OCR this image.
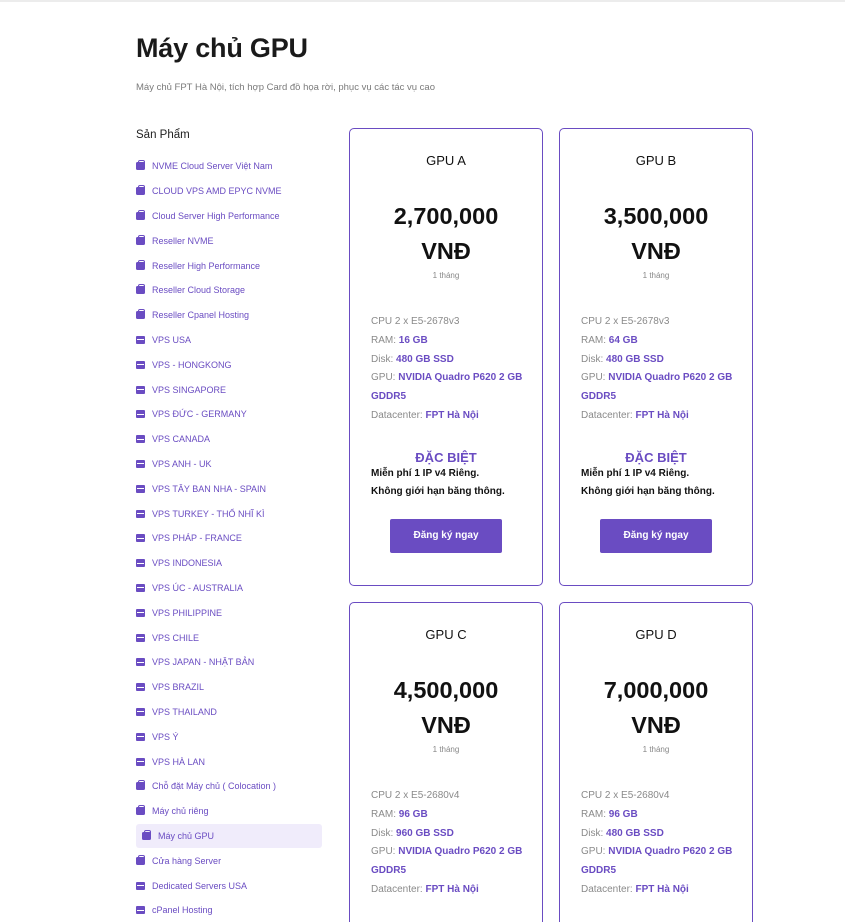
Máy chủ GPU

Máy chủ FPT Hà Nội, tích hợp Card đồ họa rời, phục vụ các tác vụ cao

Sản Phẩm
NVME Cloud Server Việt Nam
CLOUD VPS AMD EPYC NVME
Cloud Server High Performance
Reseller NVME
Reseller High Performance
Reseller Cloud Storage
Reseller Cpanel Hosting
VPS USA
VPS - HONGKONG
VPS SINGAPORE
VPS ĐỨC - GERMANY
VPS CANADA
VPS ANH - UK
VPS TÂY BAN NHA - SPAIN
VPS TURKEY - THỔ NHĨ KÌ
VPS PHÁP - FRANCE
VPS INDONESIA
VPS ÚC - AUSTRALIA
VPS PHILIPPINE
VPS CHILE
VPS JAPAN - NHẬT BẢN
VPS BRAZIL
VPS THAILAND
VPS Ý
VPS HÀ LAN
Chỗ đặt Máy chủ ( Colocation )
Máy chủ riêng
Máy chủ GPU
Cửa hàng Server
Dedicated Servers USA
cPanel Hosting
GPU A
2,700,000
VNĐ
1 tháng
CPU 2 x E5-2678v3
RAM: 16 GB
Disk: 480 GB SSD
GPU: NVIDIA Quadro P620 2 GB GDDR5
Datacenter: FPT Hà Nội
ĐẶC BIỆT
Miễn phí 1 IP v4 Riêng.
Không giới hạn băng thông.
Đăng ký ngay
GPU B
3,500,000
VNĐ
1 tháng
CPU 2 x E5-2678v3
RAM: 64 GB
Disk: 480 GB SSD
GPU: NVIDIA Quadro P620 2 GB GDDR5
Datacenter: FPT Hà Nội
ĐẶC BIỆT
Miễn phí 1 IP v4 Riêng.
Không giới hạn băng thông.
Đăng ký ngay
GPU C
4,500,000
VNĐ
1 tháng
CPU 2 x E5-2680v4
RAM: 96 GB
Disk: 960 GB SSD
GPU: NVIDIA Quadro P620 2 GB GDDR5
Datacenter: FPT Hà Nội
GPU D
7,000,000
VNĐ
1 tháng
CPU 2 x E5-2680v4
RAM: 96 GB
Disk: 480 GB SSD
GPU: NVIDIA Quadro P620 2 GB GDDR5
Datacenter: FPT Hà Nội
